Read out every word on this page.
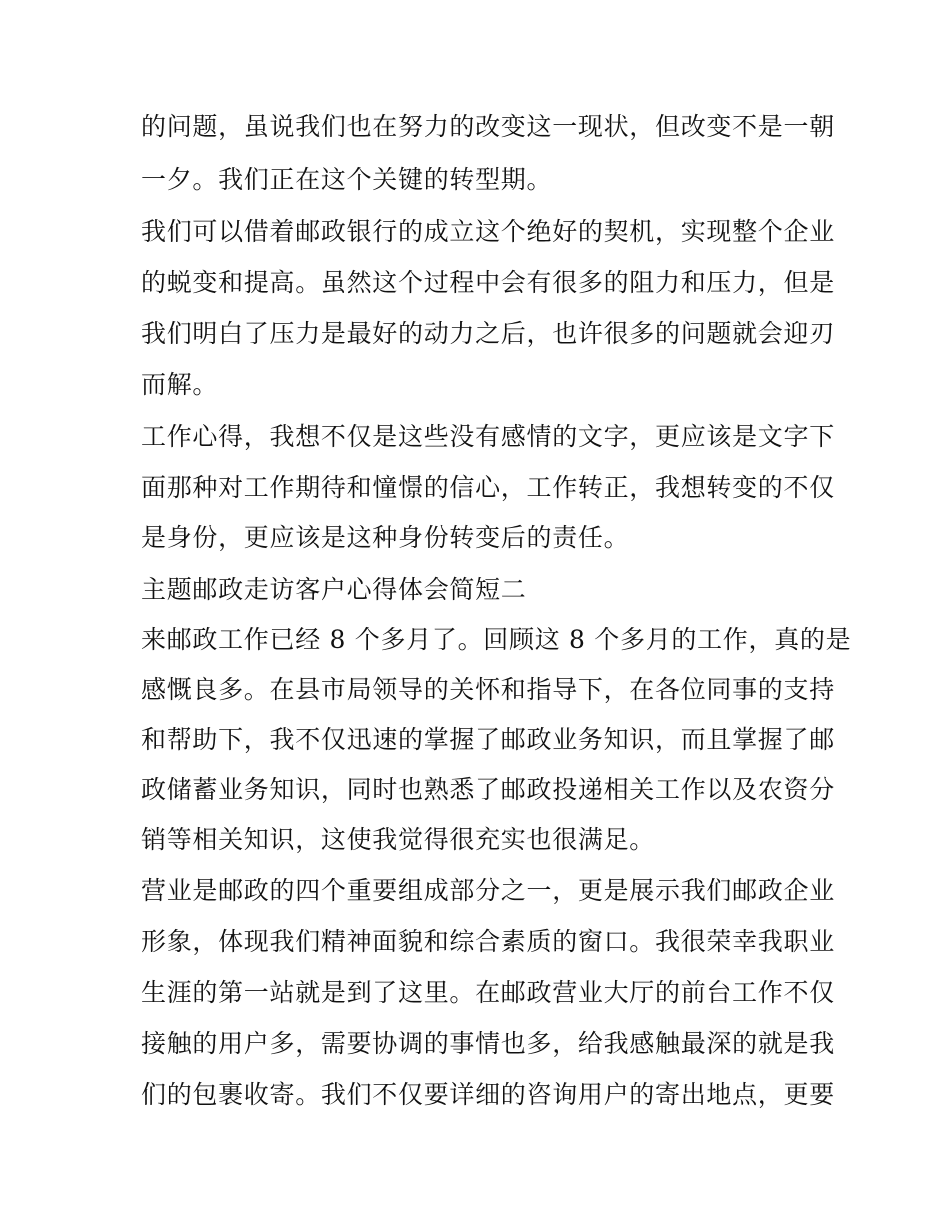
的问题，虽说我们也在努力的改变这一现状，但改变不是一朝
一夕。我们正在这个关键的转型期。
我们可以借着邮政银行的成立这个绝好的契机，实现整个企业
的蜕变和提高。虽然这个过程中会有很多的阻力和压力，但是
我们明白了压力是最好的动力之后，也许很多的问题就会迎刃
而解。
工作心得，我想不仅是这些没有感情的文字，更应该是文字下
面那种对工作期待和憧憬的信心，工作转正，我想转变的不仅
是身份，更应该是这种身份转变后的责任。
主题邮政走访客户心得体会简短二
来邮政工作已经 8 个多月了。回顾这 8 个多月的工作，真的是
感慨良多。在县市局领导的关怀和指导下，在各位同事的支持
和帮助下，我不仅迅速的掌握了邮政业务知识，而且掌握了邮
政储蓄业务知识，同时也熟悉了邮政投递相关工作以及农资分
销等相关知识，这使我觉得很充实也很满足。
营业是邮政的四个重要组成部分之一，更是展示我们邮政企业
形象，体现我们精神面貌和综合素质的窗口。我很荣幸我职业
生涯的第一站就是到了这里。在邮政营业大厅的前台工作不仅
接触的用户多，需要协调的事情也多，给我感触最深的就是我
们的包裹收寄。我们不仅要详细的咨询用户的寄出地点，更要
